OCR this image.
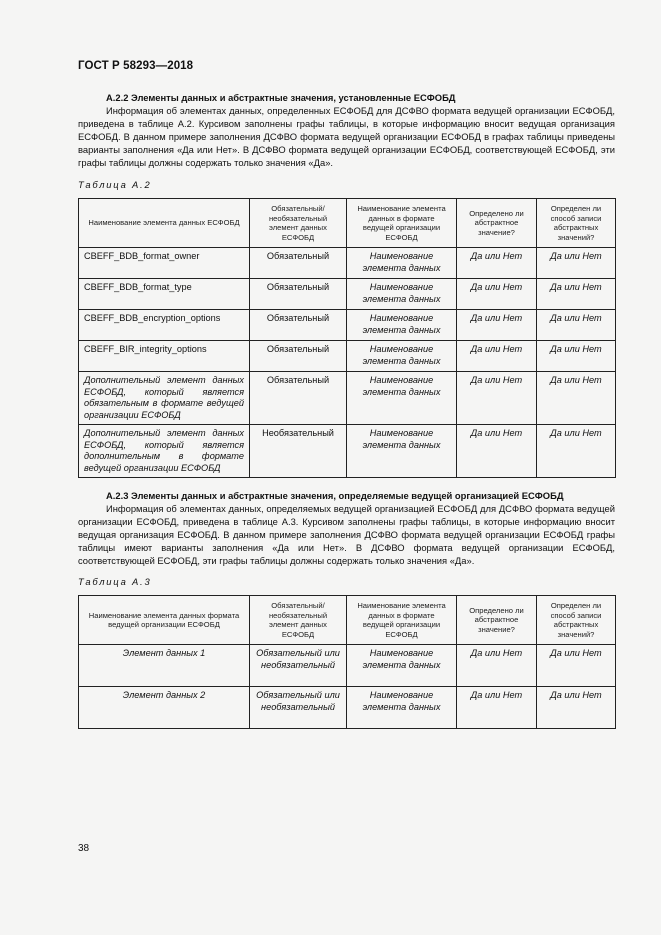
ГОСТ Р 58293—2018
А.2.2 Элементы данных и абстрактные значения, установленные ЕСФОБД

Информация об элементах данных, определенных ЕСФОБД для ДСФВО формата ведущей организации ЕСФОБД, приведена в таблице А.2. Курсивом заполнены графы таблицы, в которые информацию вносит ведущая организация ЕСФОБД. В данном примере заполнения ДСФВО формата ведущей организации ЕСФОБД в графах таблицы приведены варианты заполнения «Да или Нет». В ДСФВО формата ведущей организации ЕСФОБД, соответствующей ЕСФОБД, эти графы таблицы должны содержать только значения «Да».

Таблица А.2
Наименование элемента данных ЕСФОБД	Обязательный/ необязательный элемент данных ЕСФОБД	Наименование элемента данных в формате ведущей организации ЕСФОБД	Определено ли абстрактное значение?	Определен ли способ записи абстрактных значений?
CBEFF_BDB_format_owner	Обязательный	Наименование элемента данных	Да или Нет	Да или Нет
CBEFF_BDB_format_type	Обязательный	Наименование элемента данных	Да или Нет	Да или Нет
CBEFF_BDB_encryption_options	Обязательный	Наименование элемента данных	Да или Нет	Да или Нет
CBEFF_BIR_integrity_options	Обязательный	Наименование элемента данных	Да или Нет	Да или Нет
Дополнительный элемент данных ЕСФОБД, который является обязательным в формате ведущей организации ЕСФОБД	Обязательный	Наименование элемента данных	Да или Нет	Да или Нет
Дополнительный элемент данных ЕСФОБД, который является дополнительным в формате ведущей организации ЕСФОБД	Необязательный	Наименование элемента данных	Да или Нет	Да или Нет
А.2.3 Элементы данных и абстрактные значения, определяемые ведущей организацией ЕСФОБД

Информация об элементах данных, определяемых ведущей организацией ЕСФОБД для ДСФВО формата ведущей организации ЕСФОБД, приведена в таблице А.3. Курсивом заполнены графы таблицы, в которые информацию вносит ведущая организация ЕСФОБД. В данном примере заполнения ДСФВО формата ведущей организации ЕСФОБД графы таблицы имеют варианты заполнения «Да или Нет». В ДСФВО формата ведущей организации ЕСФОБД, соответствующей ЕСФОБД, эти графы таблицы должны содержать только значения «Да».

Таблица А.3
Наименование элемента данных формата ведущей организации ЕСФОБД	Обязательный/ необязательный элемент данных ЕСФОБД	Наименование элемента данных в формате ведущей организации ЕСФОБД	Определено ли абстрактное значение?	Определен ли способ записи абстрактных значений?
Элемент данных 1	Обязательный или необязательный	Наименование элемента данных	Да или Нет	Да или Нет
Элемент данных 2	Обязательный или необязательный	Наименование элемента данных	Да или Нет	Да или Нет
38
